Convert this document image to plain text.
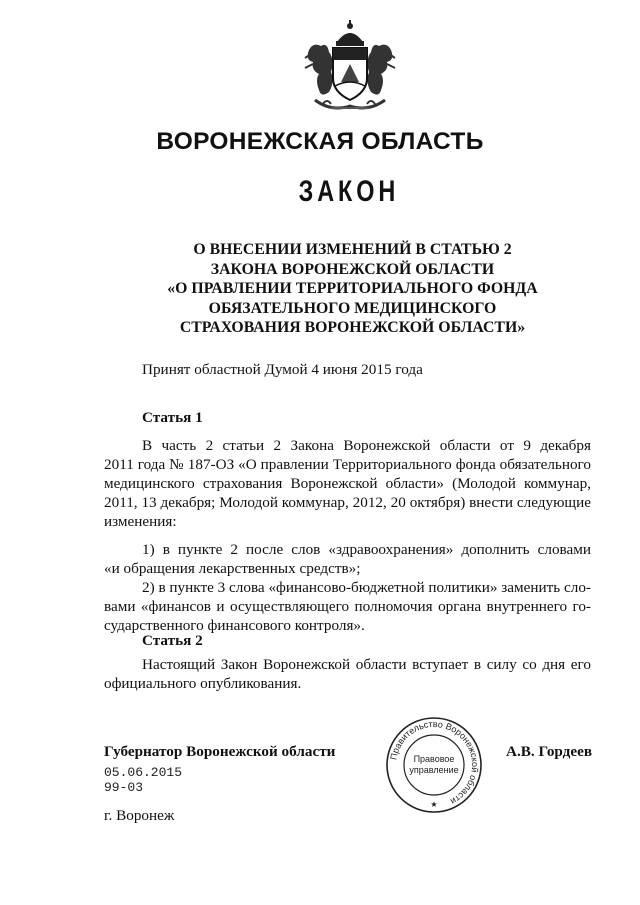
ВОРОНЕЖСКАЯ ОБЛАСТЬ
ЗАКОН
О ВНЕСЕНИИ ИЗМЕНЕНИЙ В СТАТЬЮ 2
ЗАКОНА ВОРОНЕЖСКОЙ ОБЛАСТИ
«О ПРАВЛЕНИИ ТЕРРИТОРИАЛЬНОГО ФОНДА
ОБЯЗАТЕЛЬНОГО МЕДИЦИНСКОГО
СТРАХОВАНИЯ ВОРОНЕЖСКОЙ ОБЛАСТИ»
Принят областной Думой 4 июня 2015 года
Статья 1
В часть 2 статьи 2 Закона Воронежской области от 9 декабря
2011 года № 187-ОЗ «О правлении Территориального фонда обязательного
медицинского страхования Воронежской области» (Молодой коммунар,
2011, 13 декабря; Молодой коммунар, 2012, 20 октября) внести следующие
изменения:
1) в пункте 2 после слов «здравоохранения» дополнить словами
«и обращения лекарственных средств»;
2) в пункте 3 слова «финансово-бюджетной политики» заменить сло-
вами «финансов и осуществляющего полномочия органа внутреннего го-
сударственного финансового контроля».
Статья 2
Настоящий Закон Воронежской области вступает в силу со дня его
официального опубликования.
Губернатор Воронежской области	А.В. Гордеев
05.06.2015
99-03
г. Воронеж
Правительство Воронежской области
Правовое
управление
★
